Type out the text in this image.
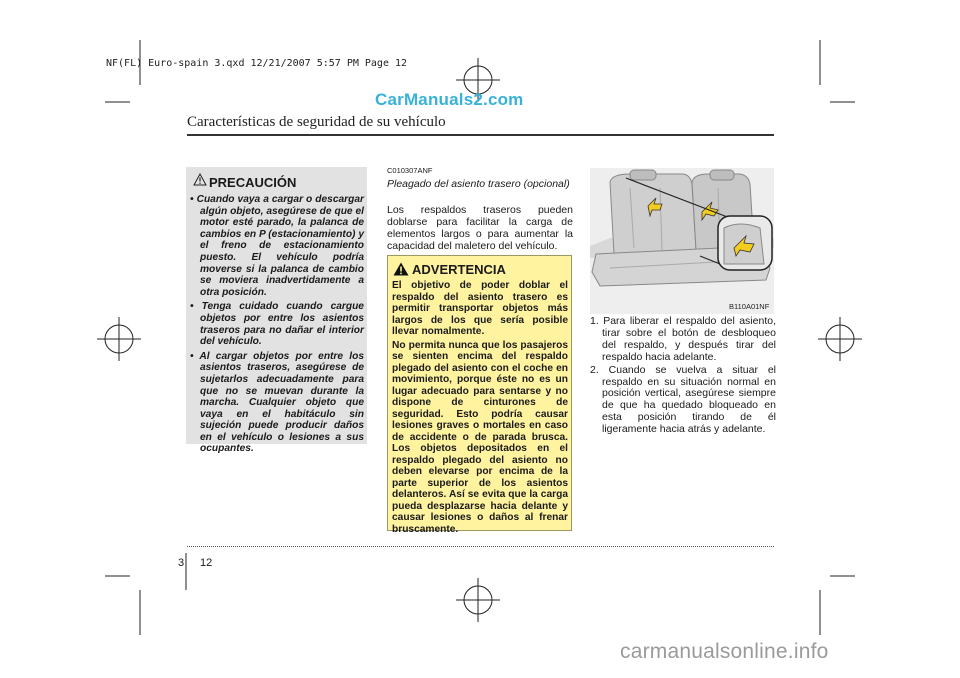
NF(FL) Euro-spain 3.qxd 12/21/2007 5:57 PM Page 12
CarManuals2.com
Características de seguridad de su vehículo
PRECAUCIÓN
• Cuando vaya a cargar o descargar algún objeto, asegúrese de que el motor esté parado, la palanca de cambios en P (estacionamiento) y el freno de estacionamiento puesto. El vehículo podría moverse si la palanca de cambio se moviera inadvertidamente a otra posición.
• Tenga cuidado cuando cargue objetos por entre los asientos traseros para no dañar el interior del vehículo.
• Al cargar objetos por entre los asientos traseros, asegúrese de sujetarlos adecuadamente para que no se muevan durante la marcha. Cualquier objeto que vaya en el habitáculo sin sujeción puede producir daños en el vehículo o lesiones a sus ocupantes.
C010307ANF
Pleagado del asiento trasero (opcional)
Los respaldos traseros pueden doblarse para facilitar la carga de elementos largos o para aumentar la capacidad del maletero del vehículo.
ADVERTENCIA

El objetivo de poder doblar el respaldo del asiento trasero es permitir transportar objetos más largos de los que sería posible llevar nomalmente.

No permita nunca que los pasajeros se sienten encima del respaldo plegado del asiento con el coche en movimiento, porque éste no es un lugar adecuado para sentarse y no dispone de cinturones de seguridad. Esto podría causar lesiones graves o mortales en caso de accidente o de parada brusca. Los objetos depositados en el respaldo plegado del asiento no deben elevarse por encima de la parte superior de los asientos delanteros. Así se evita que la carga pueda desplazarse hacia delante y causar lesiones o daños al frenar bruscamente.

B110A01NF
1. Para liberar el respaldo del asiento, tirar sobre el botón de desbloqueo del respaldo, y después tirar del respaldo hacia adelante.
2. Cuando se vuelva a situar el respaldo en su situación normal en posición vertical, asegúrese siempre de que ha quedado bloqueado en esta posición tirando de él ligeramente hacia atrás y adelante.
3 12
carmanualsonline.info
